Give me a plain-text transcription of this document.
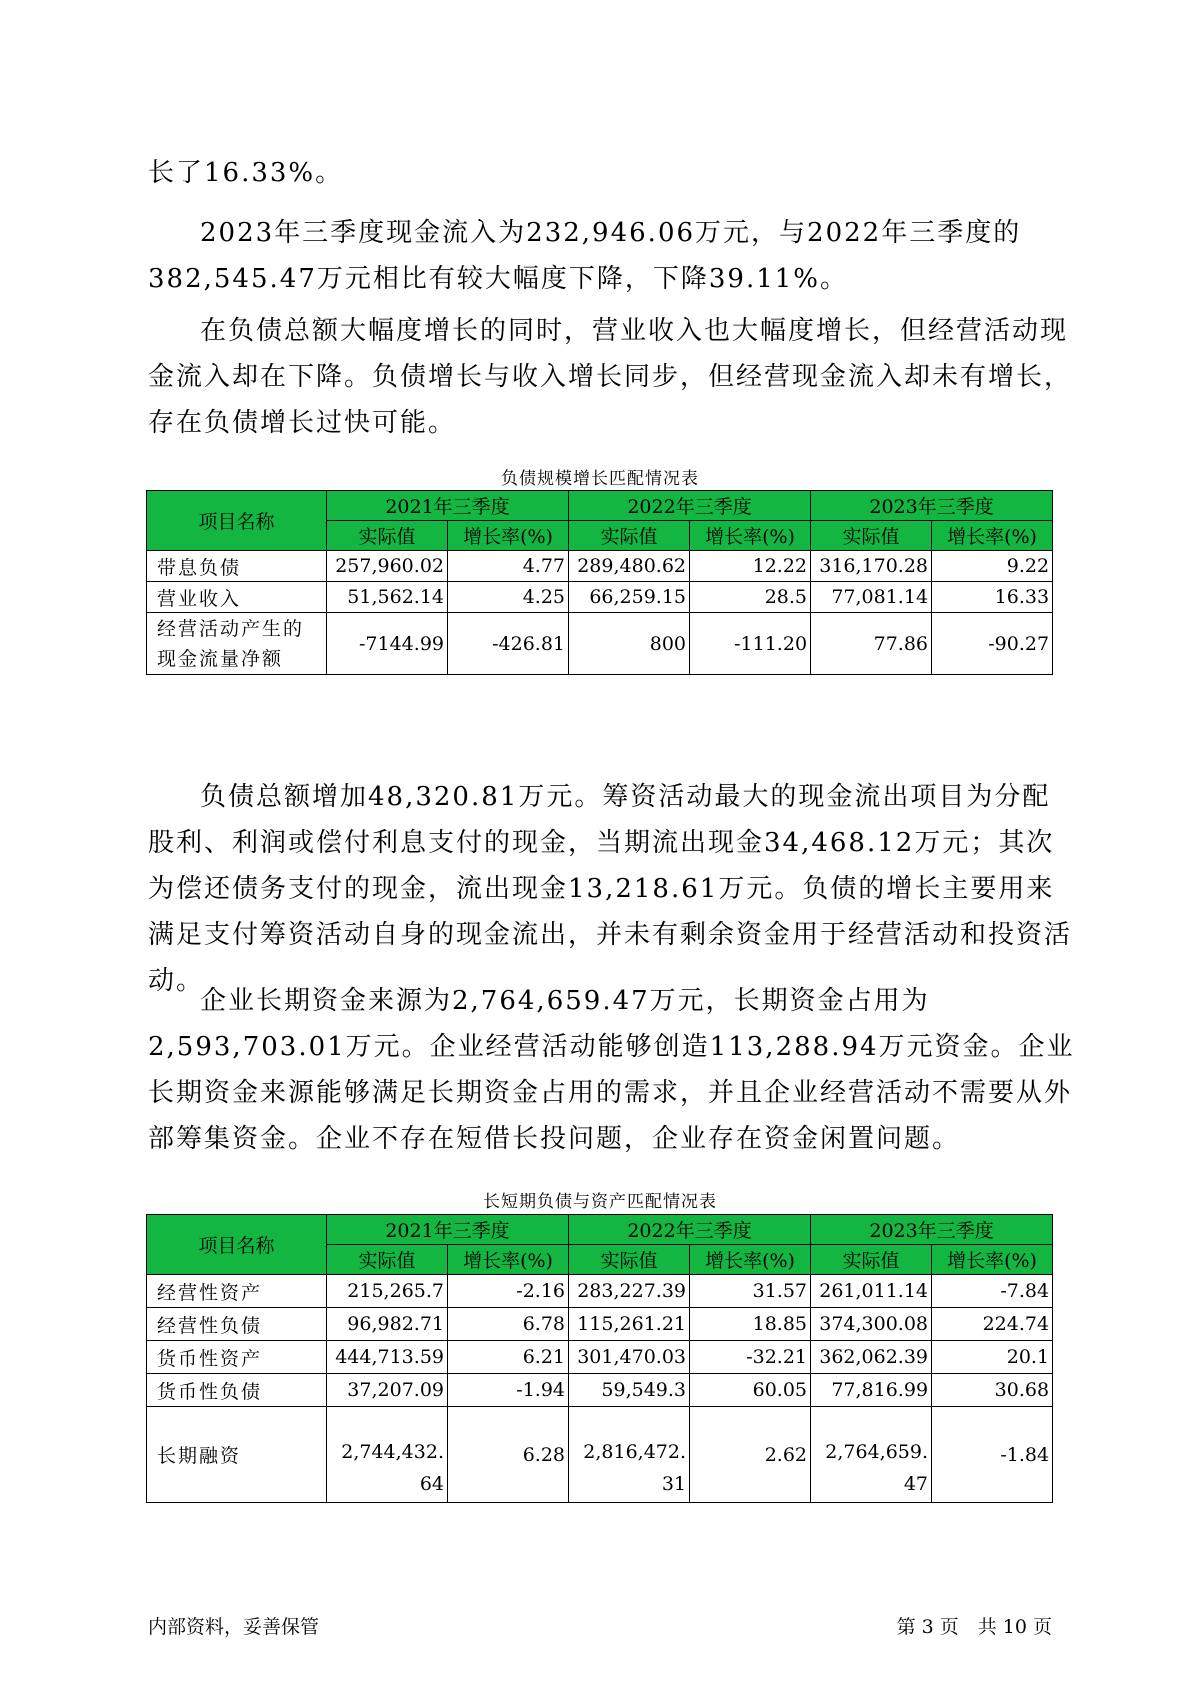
长了16.33%。

2023年三季度现金流入为232,946.06万元，与2022年三季度的382,545.47万元相比有较大幅度下降，下降39.11%。

在负债总额大幅度增长的同时，营业收入也大幅度增长，但经营活动现金流入却在下降。负债增长与收入增长同步，但经营现金流入却未有增长，存在负债增长过快可能。

负债规模增长匹配情况表
项目名称	2021年三季度		2022年三季度		2023年三季度	
	实际值	增长率(%)	实际值	增长率(%)	实际值	增长率(%)
带息负债	257,960.02	4.77	289,480.62	12.22	316,170.28	9.22
营业收入	51,562.14	4.25	66,259.15	28.5	77,081.14	16.33
经营活动产生的现金流量净额	-7144.99	-426.81	800	-111.20	77.86	-90.27

负债总额增加48,320.81万元。筹资活动最大的现金流出项目为分配股利、利润或偿付利息支付的现金，当期流出现金34,468.12万元；其次为偿还债务支付的现金，流出现金13,218.61万元。负债的增长主要用来满足支付筹资活动自身的现金流出，并未有剩余资金用于经营活动和投资活动。

企业长期资金来源为2,764,659.47万元，长期资金占用为2,593,703.01万元。企业经营活动能够创造113,288.94万元资金。企业长期资金来源能够满足长期资金占用的需求，并且企业经营活动不需要从外部筹集资金。企业不存在短借长投问题，企业存在资金闲置问题。

长短期负债与资产匹配情况表
项目名称	2021年三季度		2022年三季度		2023年三季度	
	实际值	增长率(%)	实际值	增长率(%)	实际值	增长率(%)
经营性资产	215,265.7	-2.16	283,227.39	31.57	261,011.14	-7.84
经营性负债	96,982.71	6.78	115,261.21	18.85	374,300.08	224.74
货币性资产	444,713.59	6.21	301,470.03	-32.21	362,062.39	20.1
货币性负债	37,207.09	-1.94	59,549.3	60.05	77,816.99	30.68
长期融资	2,744,432.64	6.28	2,816,472.31	2.62	2,764,659.47	-1.84
内部资料，妥善保管	第 3 页　共 10 页
